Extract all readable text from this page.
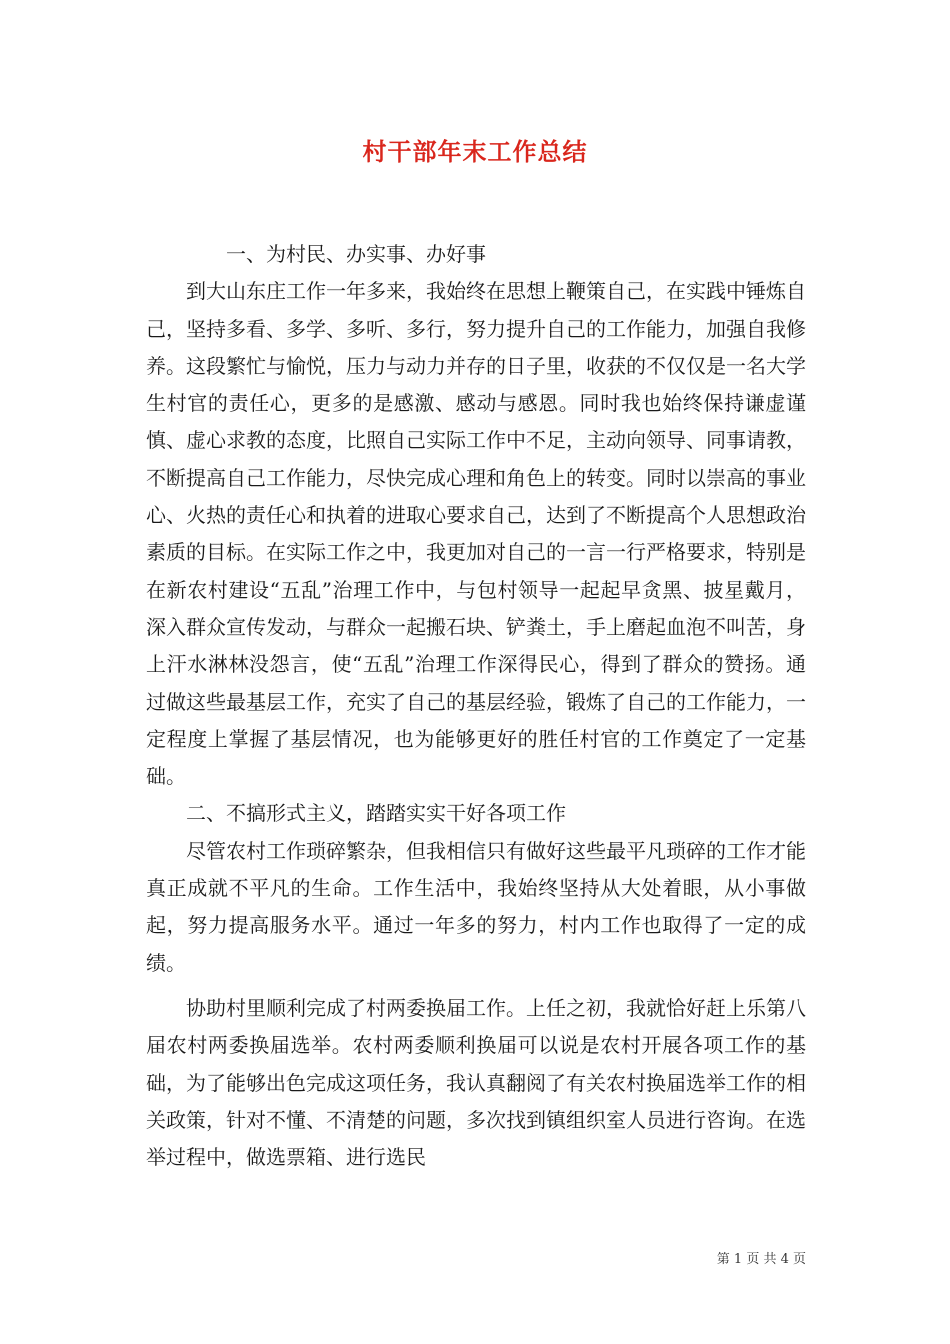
村干部年末工作总结

一、为村民、办实事、办好事

到大山东庄工作一年多来，我始终在思想上鞭策自己，在实践中锤炼自己，坚持多看、多学、多听、多行，努力提升自己的工作能力，加强自我修养。这段繁忙与愉悦，压力与动力并存的日子里，收获的不仅仅是一名大学生村官的责任心，更多的是感激、感动与感恩。同时我也始终保持谦虚谨慎、虚心求教的态度，比照自己实际工作中不足，主动向领导、同事请教，不断提高自己工作能力，尽快完成心理和角色上的转变。同时以崇高的事业心、火热的责任心和执着的进取心要求自己，达到了不断提高个人思想政治素质的目标。在实际工作之中，我更加对自己的一言一行严格要求，特别是在新农村建设“五乱”治理工作中，与包村领导一起起早贪黑、披星戴月，深入群众宣传发动，与群众一起搬石块、铲粪土，手上磨起血泡不叫苦，身上汗水淋林没怨言，使“五乱”治理工作深得民心，得到了群众的赞扬。通过做这些最基层工作，充实了自己的基层经验，锻炼了自己的工作能力，一定程度上掌握了基层情况，也为能够更好的胜任村官的工作奠定了一定基础。

二、不搞形式主义，踏踏实实干好各项工作

尽管农村工作琐碎繁杂，但我相信只有做好这些最平凡琐碎的工作才能真正成就不平凡的生命。工作生活中，我始终坚持从大处着眼，从小事做起，努力提高服务水平。通过一年多的努力，村内工作也取得了一定的成绩。

协助村里顺利完成了村两委换届工作。上任之初，我就恰好赶上乐第八届农村两委换届选举。农村两委顺利换届可以说是农村开展各项工作的基础，为了能够出色完成这项任务，我认真翻阅了有关农村换届选举工作的相关政策，针对不懂、不清楚的问题，多次找到镇组织室人员进行咨询。在选举过程中，做选票箱、进行选民

第 1 页 共 4 页
